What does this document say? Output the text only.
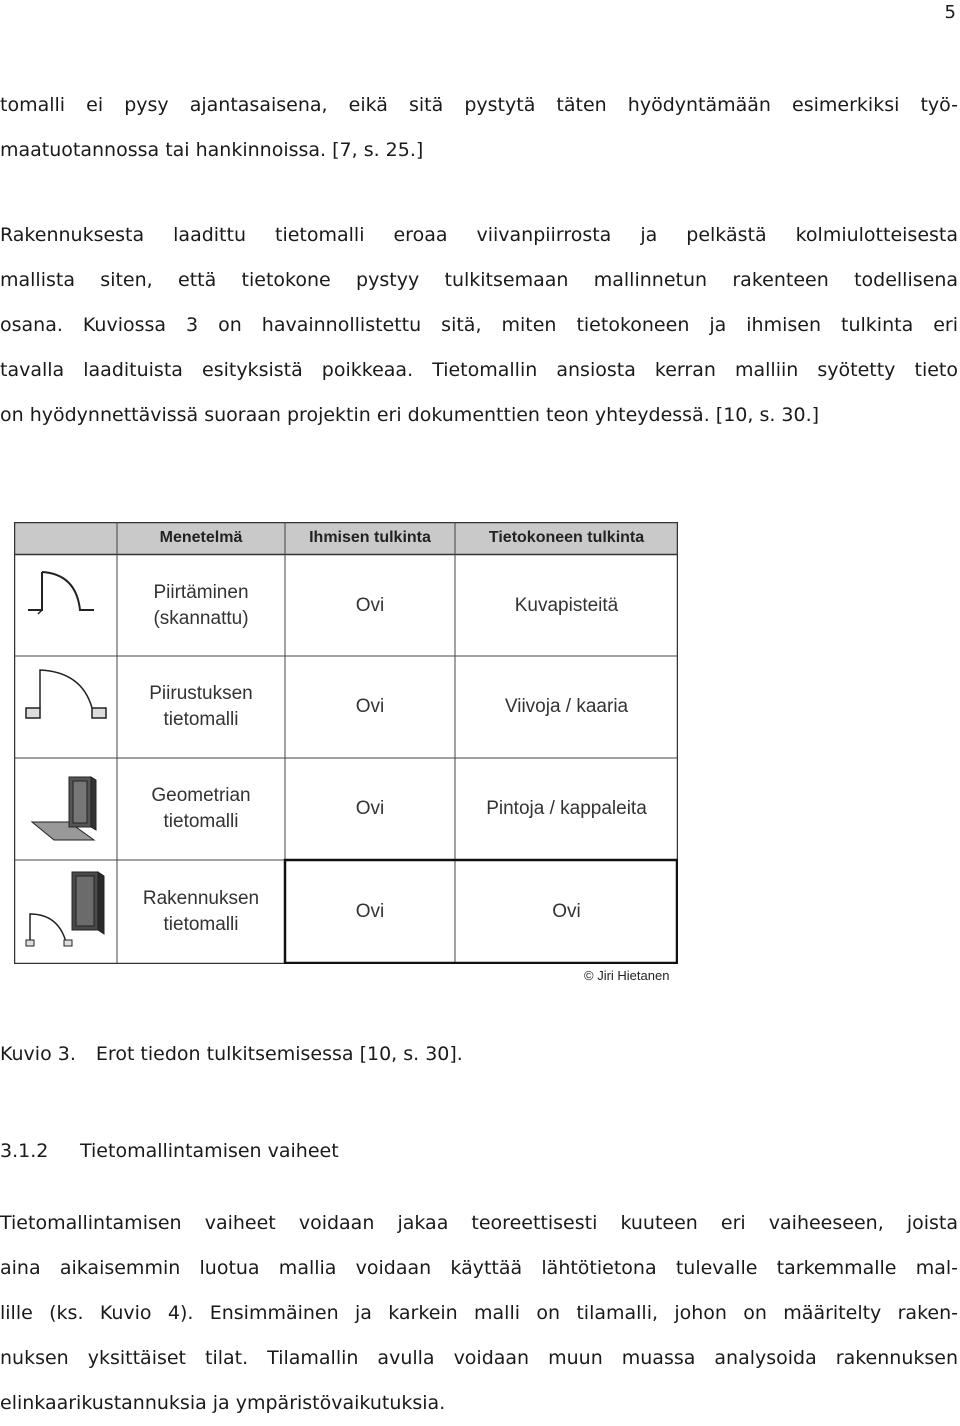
5
tomalli ei pysy ajantasaisena, eikä sitä pystytä täten hyödyntämään esimerkiksi työ-
maatuotannossa tai hankinnoissa. [7, s. 25.]
Rakennuksesta laadittu tietomalli eroaa viivanpiirrosta ja pelkästä kolmiulotteisesta
mallista siten, että tietokone pystyy tulkitsemaan mallinnetun rakenteen todellisena
osana. Kuviossa 3 on havainnollistettu sitä, miten tietokoneen ja ihmisen tulkinta eri
tavalla laadituista esityksistä poikkeaa. Tietomallin ansiosta kerran malliin syötetty tieto
on hyödynnettävissä suoraan projektin eri dokumenttien teon yhteydessä. [10, s. 30.]
Menetelmä	Ihmisen tulkinta	Tietokoneen tulkinta
Piirtäminen
(skannattu)
Ovi	Kuvapisteitä
Piirustuksen
tietomalli
Ovi	Viivoja / kaaria
Geometrian
tietomalli
Ovi	Pintoja / kappaleita
Rakennuksen
tietomalli
Ovi	Ovi
© Jiri Hietanen
Kuvio 3. Erot tiedon tulkitsemisessa [10, s. 30].
3.1.2 Tietomallintamisen vaiheet
Tietomallintamisen vaiheet voidaan jakaa teoreettisesti kuuteen eri vaiheeseen, joista
aina aikaisemmin luotua mallia voidaan käyttää lähtötietona tulevalle tarkemmalle mal-
lille (ks. Kuvio 4). Ensimmäinen ja karkein malli on tilamalli, johon on määritelty raken-
nuksen yksittäiset tilat. Tilamallin avulla voidaan muun muassa analysoida rakennuksen
elinkaarikustannuksia ja ympäristövaikutuksia.
